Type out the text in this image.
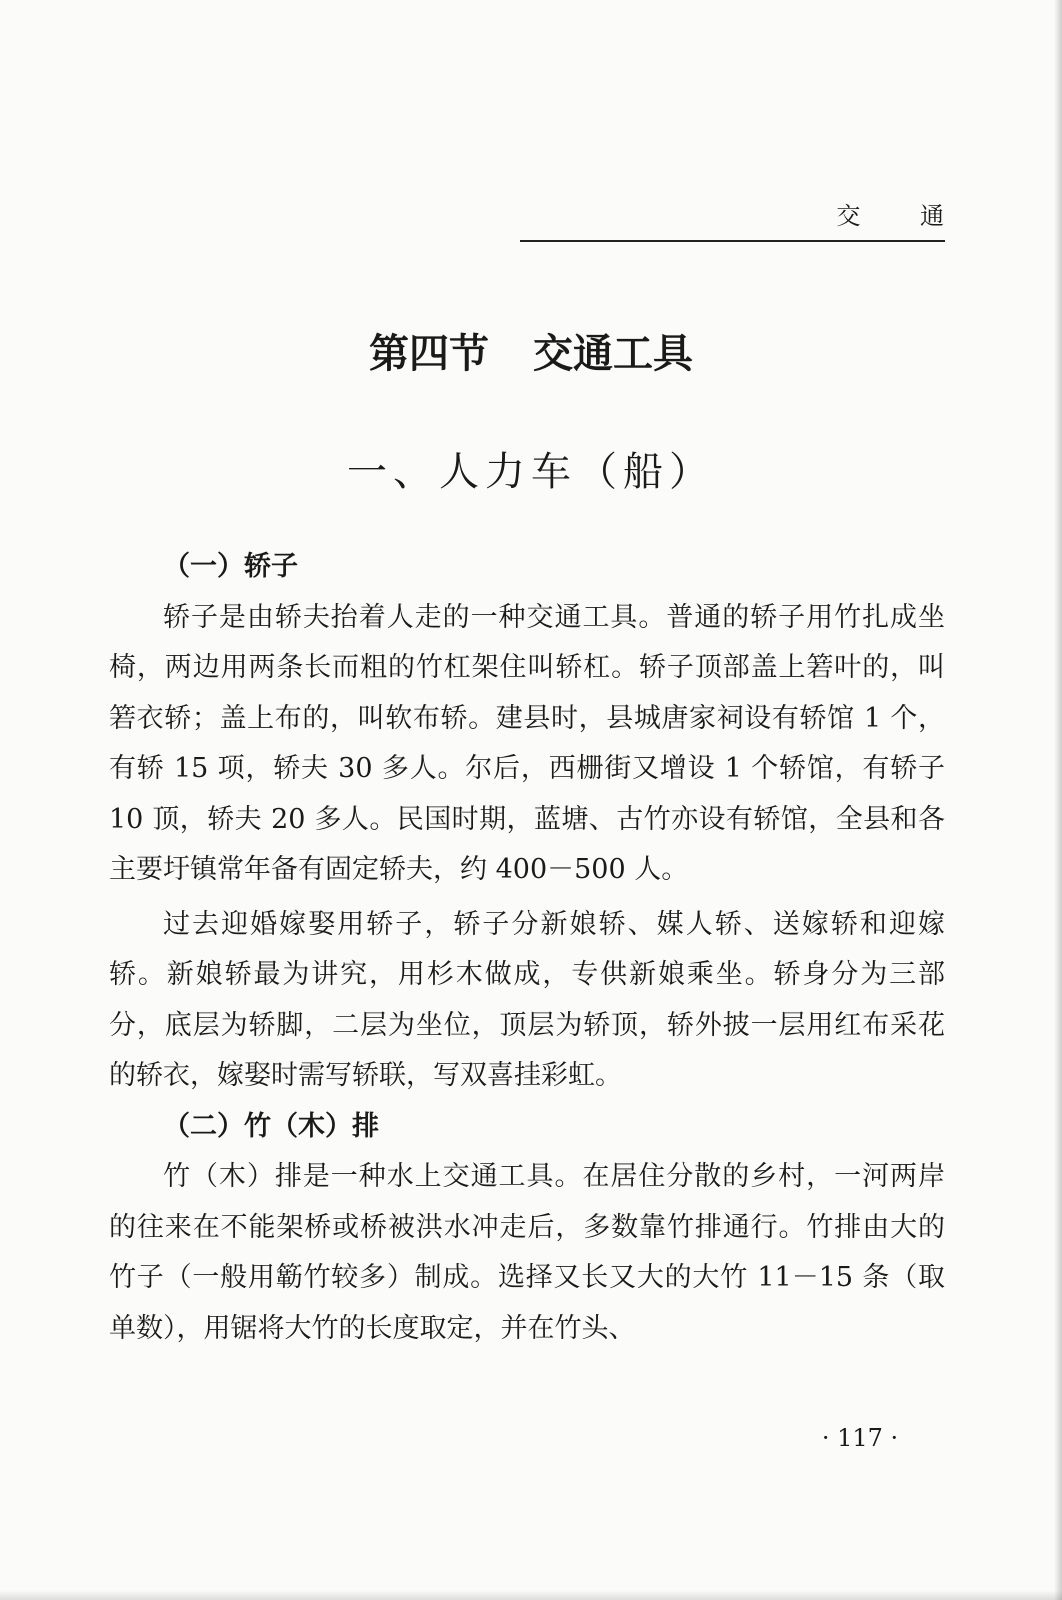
交 通
第四节 交通工具
一、人力车（船）
（一）轿子

轿子是由轿夫抬着人走的一种交通工具。普通的轿子用竹扎成坐椅，两边用两条长而粗的竹杠架住叫轿杠。轿子顶部盖上箬叶的，叫箬衣轿；盖上布的，叫软布轿。建县时，县城唐家祠设有轿馆 1 个，有轿 15 项，轿夫 30 多人。尔后，西栅街又增设 1 个轿馆，有轿子 10 顶，轿夫 20 多人。民国时期，蓝塘、古竹亦设有轿馆，全县和各主要圩镇常年备有固定轿夫，约 400－500 人。

过去迎婚嫁娶用轿子，轿子分新娘轿、媒人轿、送嫁轿和迎嫁轿。新娘轿最为讲究，用杉木做成，专供新娘乘坐。轿身分为三部分，底层为轿脚，二层为坐位，顶层为轿顶，轿外披一层用红布采花的轿衣，嫁娶时需写轿联，写双喜挂彩虹。

（二）竹（木）排

竹（木）排是一种水上交通工具。在居住分散的乡村，一河两岸的往来在不能架桥或桥被洪水冲走后，多数靠竹排通行。竹排由大的竹子（一般用簕竹较多）制成。选择又长又大的大竹 11－15 条（取单数），用锯将大竹的长度取定，并在竹头、

· 117 ·
